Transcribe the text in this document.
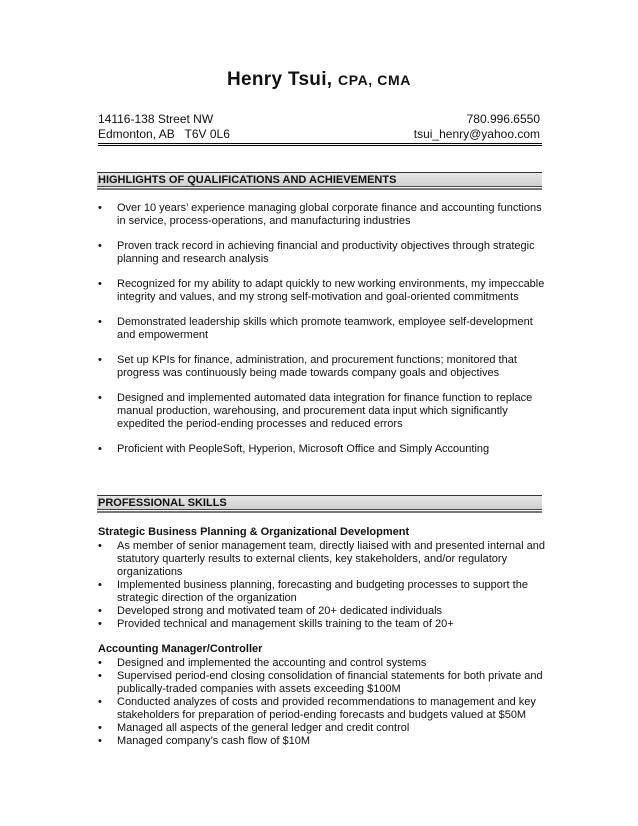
Henry Tsui, CPA, CMA
14116-138 Street NW	780.996.6550
Edmonton, AB   T6V 0L6	tsui_henry@yahoo.com
HIGHLIGHTS OF QUALIFICATIONS AND ACHIEVEMENTS
• Over 10 years’ experience managing global corporate finance and accounting functions in service, process-operations, and manufacturing industries
• Proven track record in achieving financial and productivity objectives through strategic planning and research analysis
• Recognized for my ability to adapt quickly to new working environments, my impeccable integrity and values, and my strong self-motivation and goal-oriented commitments
• Demonstrated leadership skills which promote teamwork, employee self-development and empowerment
• Set up KPIs for finance, administration, and procurement functions; monitored that progress was continuously being made towards company goals and objectives
• Designed and implemented automated data integration for finance function to replace manual production, warehousing, and procurement data input which significantly expedited the period-ending processes and reduced errors
• Proficient with PeopleSoft, Hyperion, Microsoft Office and Simply Accounting
PROFESSIONAL SKILLS
Strategic Business Planning & Organizational Development
• As member of senior management team, directly liaised with and presented internal and statutory quarterly results to external clients, key stakeholders, and/or regulatory organizations
• Implemented business planning, forecasting and budgeting processes to support the strategic direction of the organization
• Developed strong and motivated team of 20+ dedicated individuals
• Provided technical and management skills training to the team of 20+
Accounting Manager/Controller
• Designed and implemented the accounting and control systems
• Supervised period-end closing consolidation of financial statements for both private and publically-traded companies with assets exceeding $100M
• Conducted analyzes of costs and provided recommendations to management and key stakeholders for preparation of period-ending forecasts and budgets valued at $50M
• Managed all aspects of the general ledger and credit control
• Managed company’s cash flow of $10M
